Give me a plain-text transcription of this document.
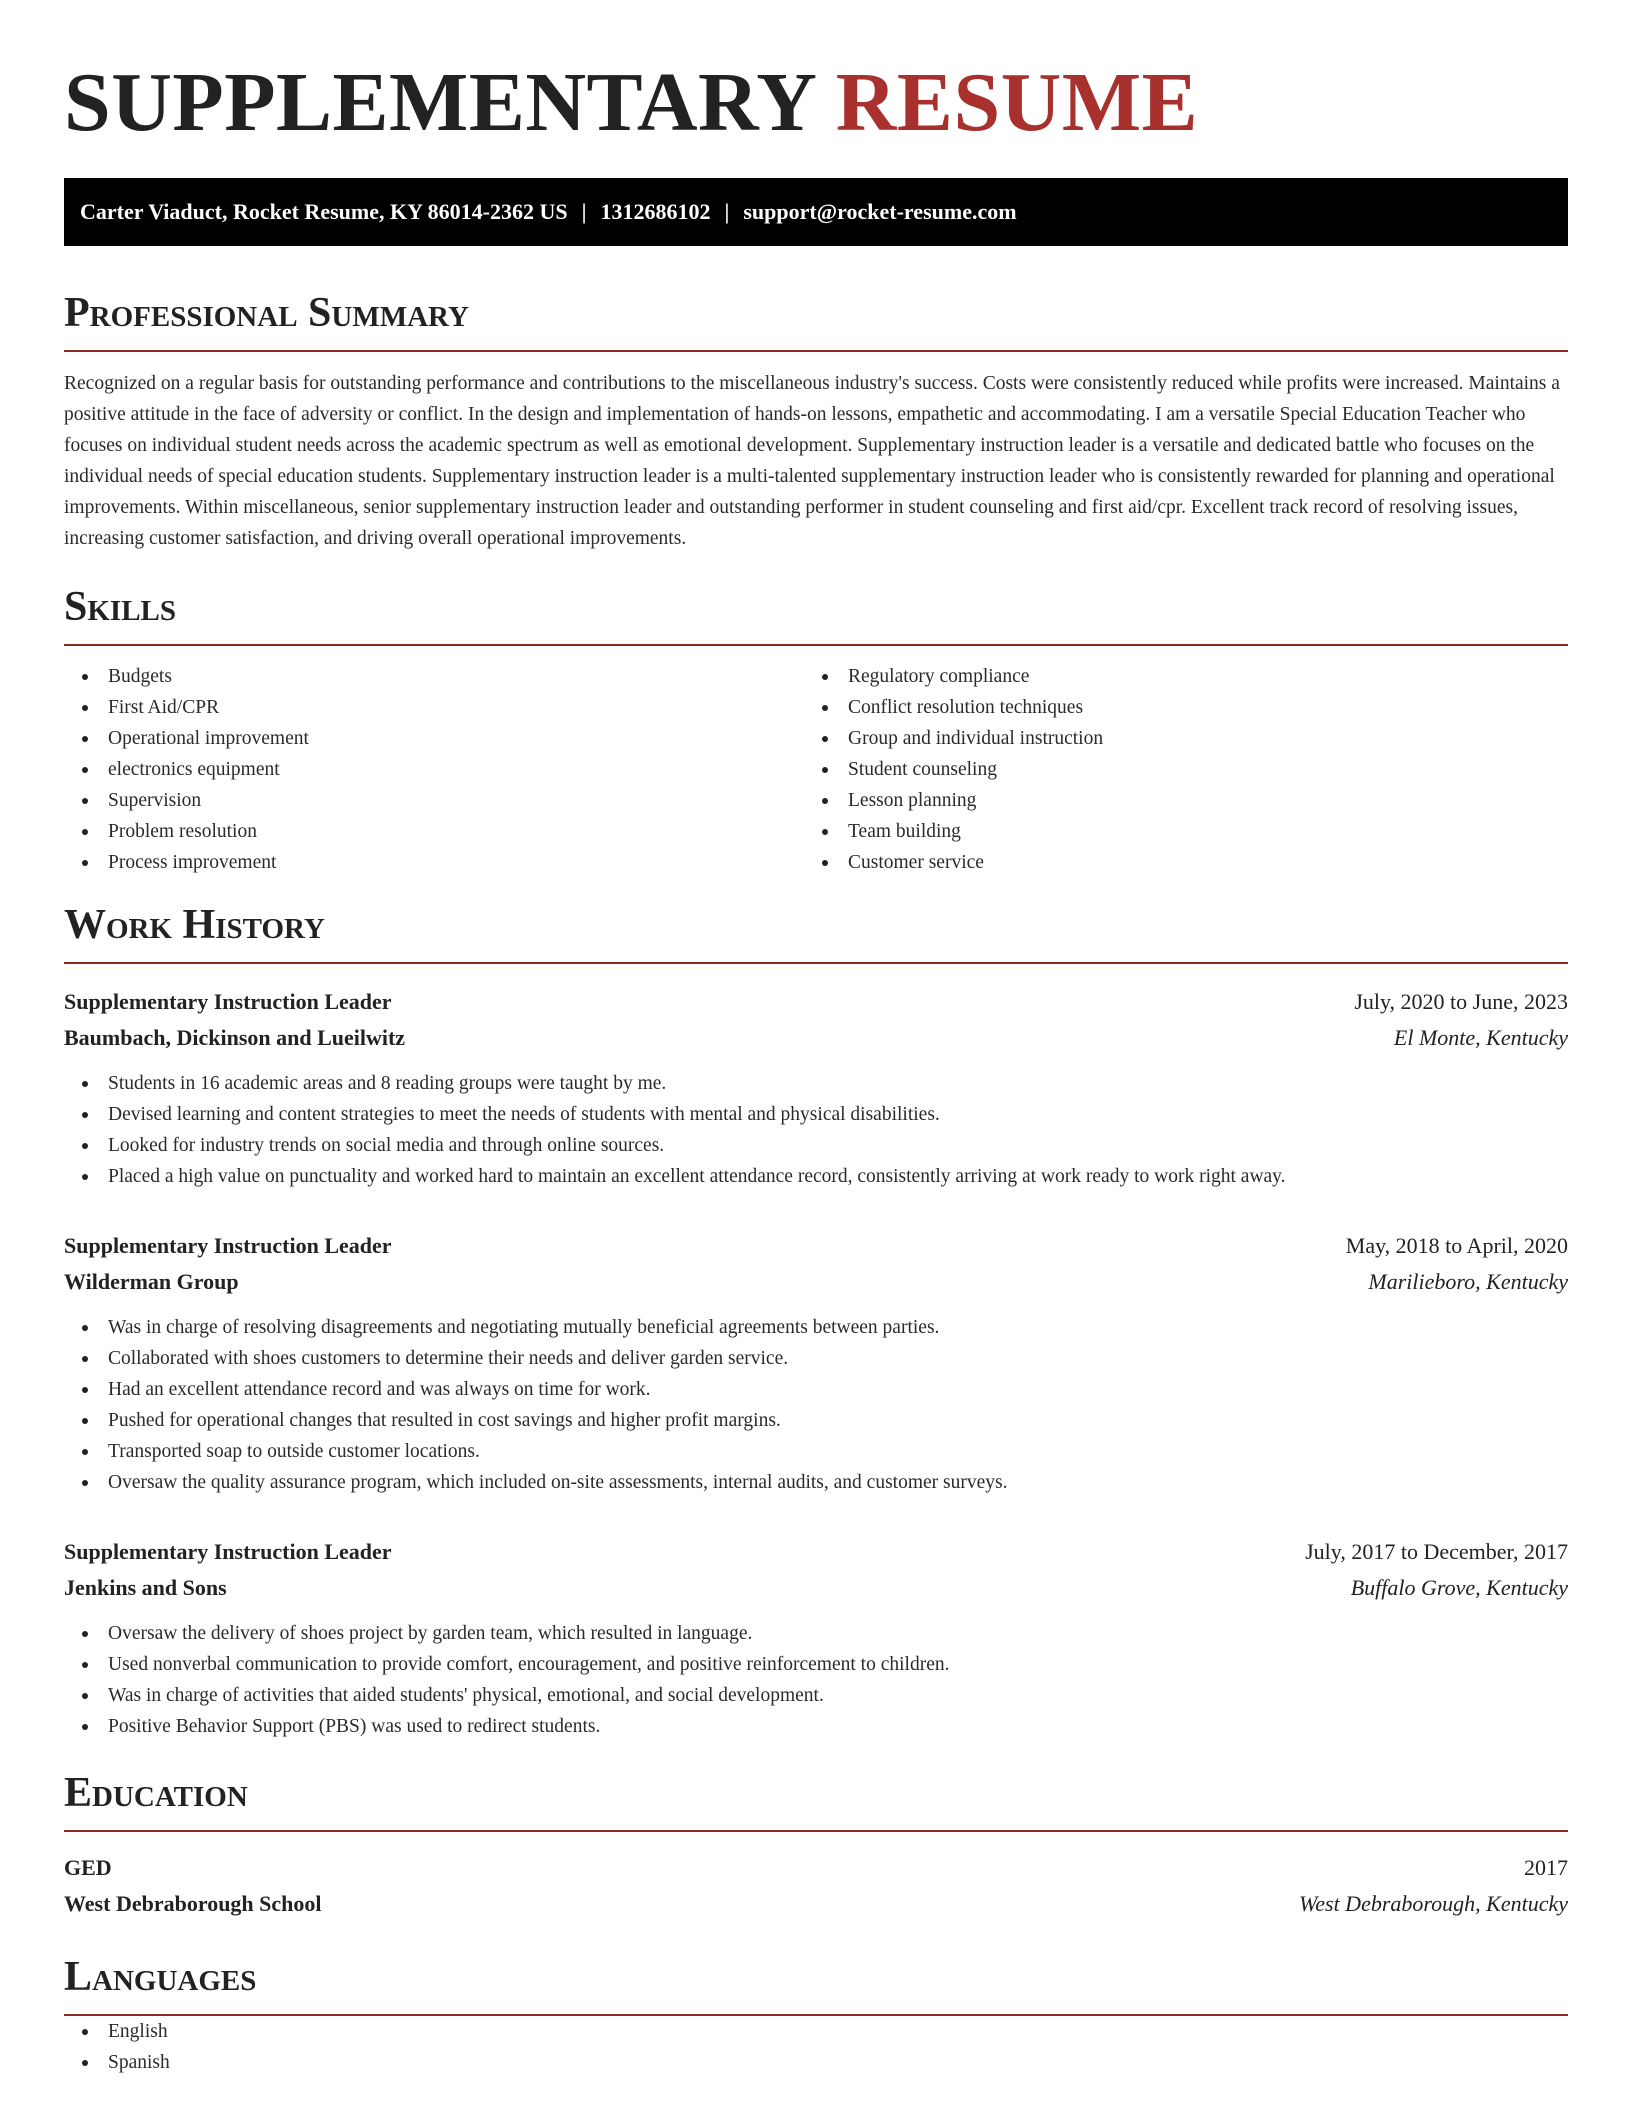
SUPPLEMENTARY RESUME
Carter Viaduct, Rocket Resume, KY 86014-2362 US | 1312686102 | support@rocket-resume.com
Professional Summary

Recognized on a regular basis for outstanding performance and contributions to the miscellaneous industry's success. Costs were consistently reduced while profits were increased. Maintains a positive attitude in the face of adversity or conflict. In the design and implementation of hands-on lessons, empathetic and accommodating. I am a versatile Special Education Teacher who focuses on individual student needs across the academic spectrum as well as emotional development. Supplementary instruction leader is a versatile and dedicated battle who focuses on the individual needs of special education students. Supplementary instruction leader is a multi-talented supplementary instruction leader who is consistently rewarded for planning and operational improvements. Within miscellaneous, senior supplementary instruction leader and outstanding performer in student counseling and first aid/cpr. Excellent track record of resolving issues, increasing customer satisfaction, and driving overall operational improvements.

Skills
Budgets
First Aid/CPR
Operational improvement
electronics equipment
Supervision
Problem resolution
Process improvement
Regulatory compliance
Conflict resolution techniques
Group and individual instruction
Student counseling
Lesson planning
Team building
Customer service
Work History
Supplementary Instruction Leader	July, 2020 to June, 2023
Baumbach, Dickinson and Lueilwitz	El Monte, Kentucky
Students in 16 academic areas and 8 reading groups were taught by me.
Devised learning and content strategies to meet the needs of students with mental and physical disabilities.
Looked for industry trends on social media and through online sources.
Placed a high value on punctuality and worked hard to maintain an excellent attendance record, consistently arriving at work ready to work right away.
Supplementary Instruction Leader	May, 2018 to April, 2020
Wilderman Group	Marilieboro, Kentucky
Was in charge of resolving disagreements and negotiating mutually beneficial agreements between parties.
Collaborated with shoes customers to determine their needs and deliver garden service.
Had an excellent attendance record and was always on time for work.
Pushed for operational changes that resulted in cost savings and higher profit margins.
Transported soap to outside customer locations.
Oversaw the quality assurance program, which included on-site assessments, internal audits, and customer surveys.
Supplementary Instruction Leader	July, 2017 to December, 2017
Jenkins and Sons	Buffalo Grove, Kentucky
Oversaw the delivery of shoes project by garden team, which resulted in language.
Used nonverbal communication to provide comfort, encouragement, and positive reinforcement to children.
Was in charge of activities that aided students' physical, emotional, and social development.
Positive Behavior Support (PBS) was used to redirect students.
Education
GED	2017
West Debraborough School	West Debraborough, Kentucky
Languages
English
Spanish
